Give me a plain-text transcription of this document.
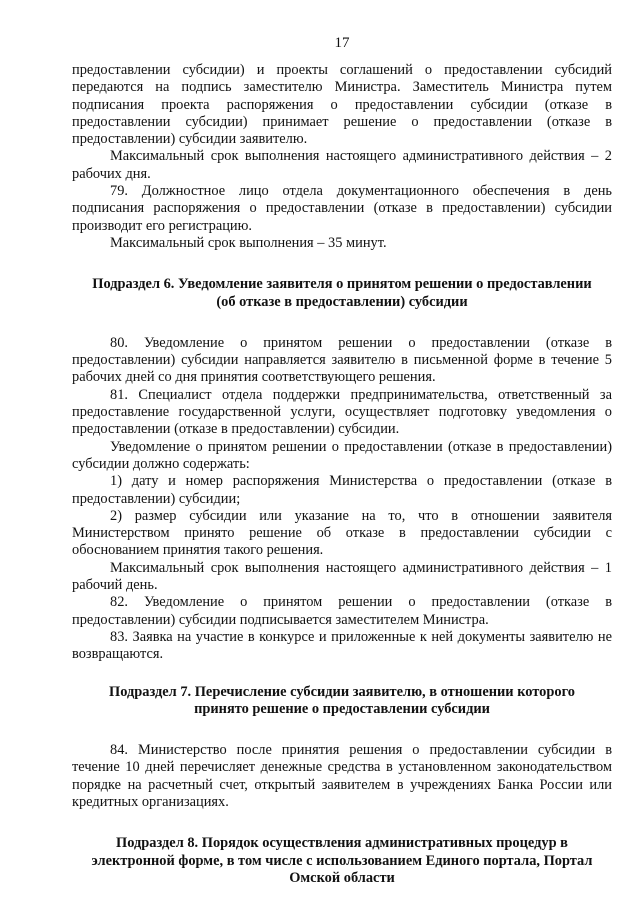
17

предоставлении субсидии) и проекты соглашений о предоставлении субсидий передаются на подпись заместителю Министра. Заместитель Министра путем подписания проекта распоряжения о предоставлении субсидии (отказе в предоставлении субсидии) принимает решение о предоставлении (отказе в предоставлении) субсидии заявителю.

Максимальный срок выполнения настоящего административного действия – 2 рабочих дня.

79. Должностное лицо отдела документационного обеспечения в день подписания распоряжения о предоставлении (отказе в предоставлении) субсидии производит его регистрацию.

Максимальный срок выполнения – 35 минут.

Подраздел 6. Уведомление заявителя о принятом решении о предоставлении (об отказе в предоставлении) субсидии

80. Уведомление о принятом решении о предоставлении (отказе в предоставлении) субсидии направляется заявителю в письменной форме в течение 5 рабочих дней со дня принятия соответствующего решения.

81. Специалист отдела поддержки предпринимательства, ответственный за предоставление государственной услуги, осуществляет подготовку уведомления о предоставлении (отказе в предоставлении) субсидии.

Уведомление о принятом решении о предоставлении (отказе в предоставлении) субсидии должно содержать:

1) дату и номер распоряжения Министерства о предоставлении (отказе в предоставлении) субсидии;

2) размер субсидии или указание на то, что в отношении заявителя Министерством принято решение об отказе в предоставлении субсидии с обоснованием принятия такого решения.

Максимальный срок выполнения настоящего административного действия – 1 рабочий день.

82. Уведомление о принятом решении о предоставлении (отказе в предоставлении) субсидии подписывается заместителем Министра.

83. Заявка на участие в конкурсе и приложенные к ней документы заявителю не возвращаются.

Подраздел 7. Перечисление субсидии заявителю, в отношении которого принято решение о предоставлении субсидии

84. Министерство после принятия решения о предоставлении субсидии в течение 10 дней перечисляет денежные средства в установленном законодательством порядке на расчетный счет, открытый заявителем в учреждениях Банка России или кредитных организациях.

Подраздел 8. Порядок осуществления административных процедур в электронной форме, в том числе с использованием Единого портала, Портал Омской области
